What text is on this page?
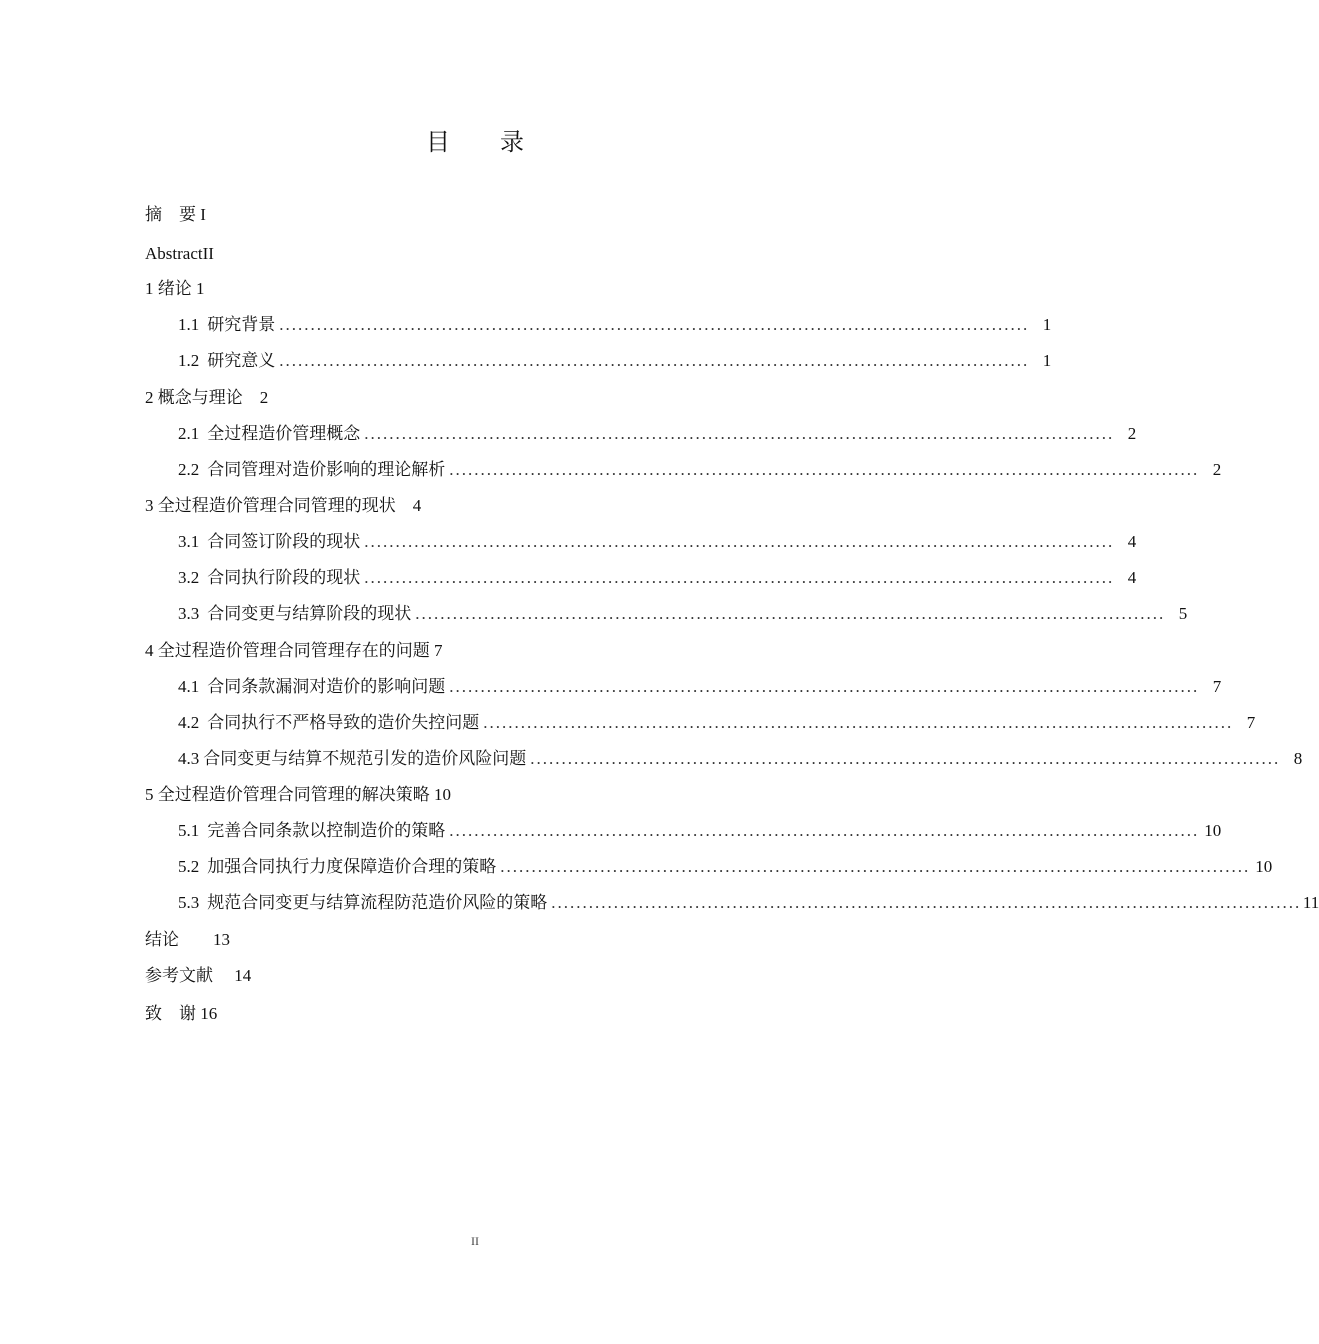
目 录
摘　要 I
AbstractII
1 绪论 1
1.1 研究背景 ........................................................................................................................ 1
1.2 研究意义 ........................................................................................................................ 1
2 概念与理论　2
2.1 全过程造价管理概念 ........................................................................................................................ 2
2.2 合同管理对造价影响的理论解析 ........................................................................................................................ 2
3 全过程造价管理合同管理的现状　4
3.1 合同签订阶段的现状 ........................................................................................................................ 4
3.2 合同执行阶段的现状 ........................................................................................................................ 4
3.3 合同变更与结算阶段的现状 ........................................................................................................................ 5
4 全过程造价管理合同管理存在的问题 7
4.1 合同条款漏洞对造价的影响问题 ........................................................................................................................ 7
4.2 合同执行不严格导致的造价失控问题 ........................................................................................................................ 7
4.3 合同变更与结算不规范引发的造价风险问题 ........................................................................................................................ 8
5 全过程造价管理合同管理的解决策略 10
5.1 完善合同条款以控制造价的策略 ........................................................................................................................ 10
5.2 加强合同执行力度保障造价合理的策略 ........................................................................................................................ 10
5.3 规范合同变更与结算流程防范造价风险的策略 ........................................................................................................................ 11
结论　　13
参考文献　 14
致　谢 16
II
